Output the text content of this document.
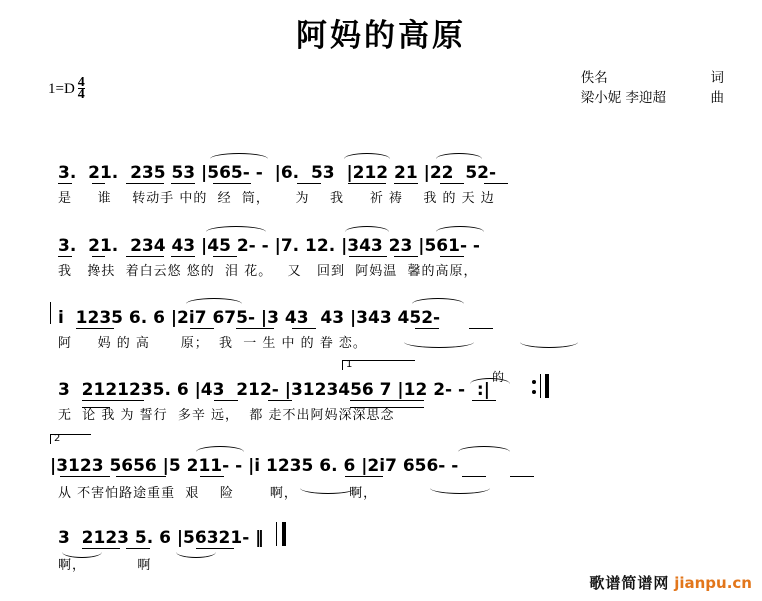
阿妈的高原
$1=D \frac{4}{4}$	佚名	词
梁小妮 李迎超	曲
3.  21.  235 53 |565- -  |6.  53  |212 21 |22  52-
是     谁    转动手 中的  经  筒，     为    我     祈 祷    我 的 天 边
3.  21.  234 43 |45 2- - |7. 12. |343 23 |561- -
我   搀扶  着白云悠 悠的  泪 花。   又   回到  阿妈温  馨的高原，
i  1235 6. 6 |2i7 675- |3 43  43 |343 452-
阿     妈 的 高      原；  我  一 生 中 的 眷 恋。
3  2121235. 6 |43  212- |3123456 7 |12 2- -  :|
无  论 我 为 誓行  多辛 远，  都 走不出阿妈深深思念
1
的
2
|3123 5656 |5 211- - |i 1235 6. 6 |2i7 656- -
从 不害怕路途重重  艰    险       啊，          啊，
3  2123 5. 6 |56321- ‖
啊，          啊
歌谱简谱网 jianpu.cn
